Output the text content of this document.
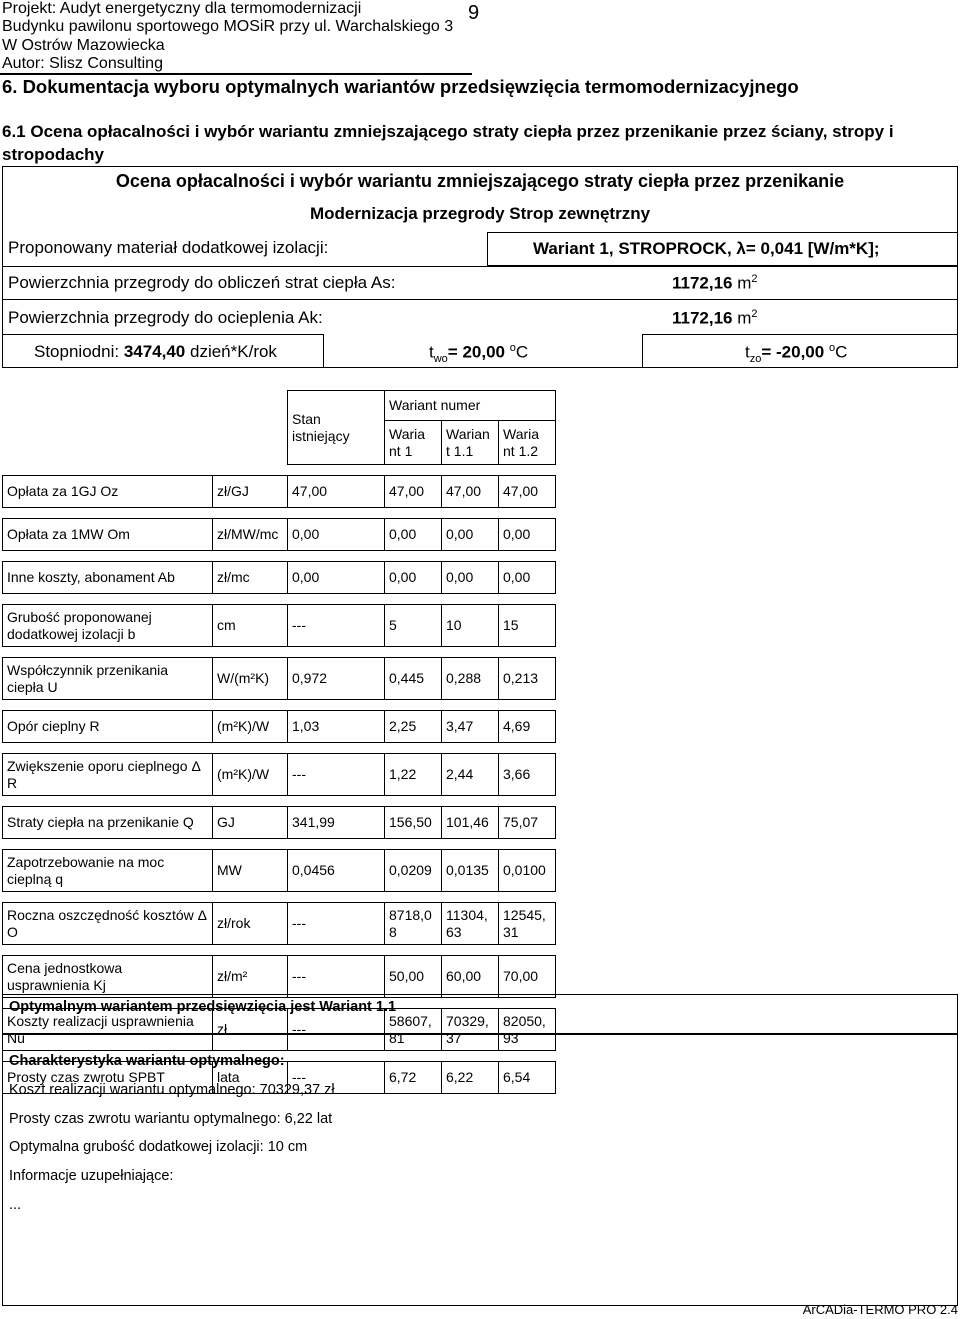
Projekt: Audyt energetyczny dla termomodernizacji
Budynku pawilonu sportowego MOSiR przy ul. Warchalskiego 3
W Ostrów Mazowiecka
Autor: Slisz Consulting
9
6. Dokumentacja wyboru optymalnych wariantów przedsięwzięcia termomodernizacyjnego
6.1 Ocena opłacalności i wybór wariantu zmniejszającego straty ciepła przez przenikanie przez ściany, stropy i stropodachy
Ocena opłacalności i wybór wariantu zmniejszającego straty ciepła przez przenikanie
Modernizacja przegrody Strop zewnętrzny
Proponowany materiał dodatkowej izolacji:	Wariant 1, STROPROCK, λ= 0,041 [W/m*K];
Powierzchnia przegrody do obliczeń strat ciepła As:	1172,16 $m^2$
Powierzchnia przegrody do ocieplenia Ak:	1172,16 $m^2$
Stopniodni: 3474,40 dzień*K/rok	$t_{wo}= 20,00$ $^o$C	$t_{zo}= -20,00$ $^o$C
		Stan istniejący	Wariant numer		
			Waria nt 1	Warian t 1.1	Waria nt 1.2

Opłata za 1GJ Oz	zł/GJ	47,00	47,00	47,00	47,00

Opłata za 1MW Om	zł/MW/mc	0,00	0,00	0,00	0,00

Inne koszty, abonament Ab	zł/mc	0,00	0,00	0,00	0,00

Grubość proponowanej dodatkowej izolacji b	cm	---	5	10	15

Współczynnik przenikania ciepła U	W/(m²K)	0,972	0,445	0,288	0,213

Opór cieplny R	(m²K)/W	1,03	2,25	3,47	4,69

Zwiększenie oporu cieplnego Δ R	(m²K)/W	---	1,22	2,44	3,66

Straty ciepła na przenikanie Q	GJ	341,99	156,50	101,46	75,07

Zapotrzebowanie na moc cieplną q	MW	0,0456	0,0209	0,0135	0,0100

Roczna oszczędność kosztów Δ O	zł/rok	---	8718,0 8	11304, 63	12545, 31

Cena jednostkowa usprawnienia Kj	zł/m²	---	50,00	60,00	70,00

Koszty realizacji usprawnienia Nu	zł	---	58607, 81	70329, 37	82050, 93

Prosty czas zwrotu SPBT	lata	---	6,72	6,22	6,54
Optymalnym wariantem przedsięwzięcia jest Wariant 1.1
Charakterystyka wariantu optymalnego:
Koszt realizacji wariantu optymalnego: 70329,37 zł
Prosty czas zwrotu wariantu optymalnego: 6,22 lat
Optymalna grubość dodatkowej izolacji: 10 cm
Informacje uzupełniające:
...
ArCADia-TERMO PRO 2.4
